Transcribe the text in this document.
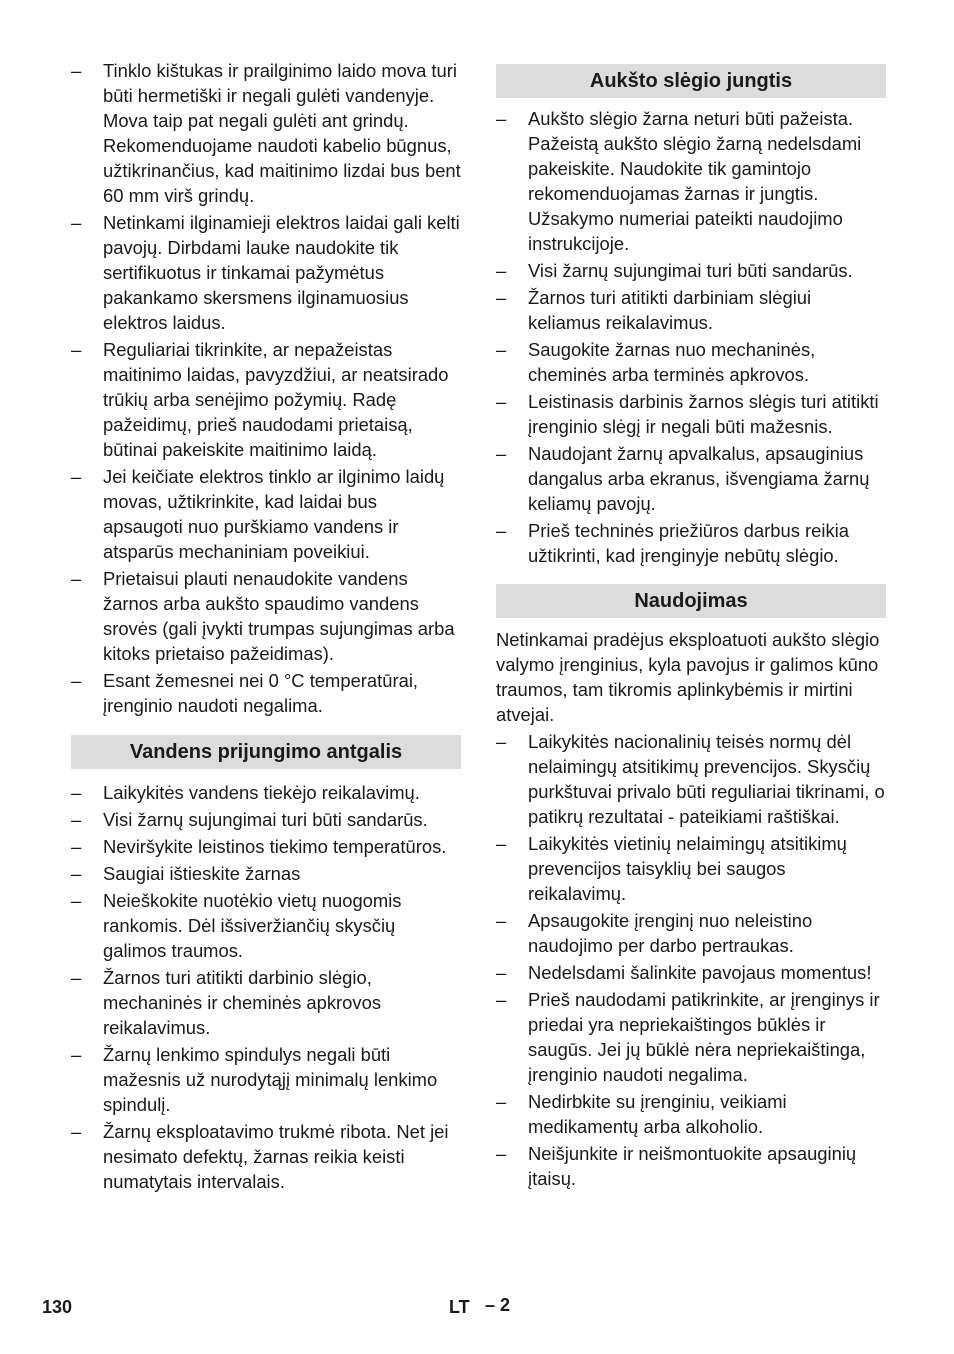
–	Tinklo kištukas ir prailginimo laido mova turi būti hermetiški ir negali gulėti vandenyje. Mova taip pat negali gulėti ant grindų. Rekomenduojame naudoti kabelio būgnus, užtikrinančius, kad maitinimo lizdai bus bent 60 mm virš grindų.
–	Netinkami ilginamieji elektros laidai gali kelti pavojų. Dirbdami lauke naudokite tik sertifikuotus ir tinkamai pažymėtus pakankamo skersmens ilginamuosius elektros laidus.
–	Reguliariai tikrinkite, ar nepažeistas maitinimo laidas, pavyzdžiui, ar neatsirado trūkių arba senėjimo požymių. Radę pažeidimų, prieš naudodami prietaisą, būtinai pakeiskite maitinimo laidą.
–	Jei keičiate elektros tinklo ar ilginimo laidų movas, užtikrinkite, kad laidai bus apsaugoti nuo purškiamo vandens ir atsparūs mechaniniam poveikiui.
–	Prietaisui plauti nenaudokite vandens žarnos arba aukšto spaudimo vandens srovės (gali įvykti trumpas sujungimas arba kitoks prietaiso pažeidimas).
–	Esant žemesnei nei 0 °C temperatūrai, įrenginio naudoti negalima.
Vandens prijungimo antgalis
–	Laikykitės vandens tiekėjo reikalavimų.
–	Visi žarnų sujungimai turi būti sandarūs.
–	Neviršykite leistinos tiekimo temperatūros.
–	Saugiai ištieskite žarnas
–	Neieškokite nuotėkio vietų nuogomis rankomis. Dėl išsiveržiančių skysčių galimos traumos.
–	Žarnos turi atitikti darbinio slėgio, mechaninės ir cheminės apkrovos reikalavimus.
–	Žarnų lenkimo spindulys negali būti mažesnis už nurodytąjį minimalų lenkimo spindulį.
–	Žarnų eksploatavimo trukmė ribota. Net jei nesimato defektų, žarnas reikia keisti numatytais intervalais.
Aukšto slėgio jungtis
–	Aukšto slėgio žarna neturi būti pažeista. Pažeistą aukšto slėgio žarną nedelsdami pakeiskite. Naudokite tik gamintojo rekomenduojamas žarnas ir jungtis. Užsakymo numeriai pateikti naudojimo instrukcijoje.
–	Visi žarnų sujungimai turi būti sandarūs.
–	Žarnos turi atitikti darbiniam slėgiui keliamus reikalavimus.
–	Saugokite žarnas nuo mechaninės, cheminės arba terminės apkrovos.
–	Leistinasis darbinis žarnos slėgis turi atitikti įrenginio slėgį ir negali būti mažesnis.
–	Naudojant žarnų apvalkalus, apsauginius dangalus arba ekranus, išvengiama žarnų keliamų pavojų.
–	Prieš techninės priežiūros darbus reikia užtikrinti, kad įrenginyje nebūtų slėgio.
Naudojimas

Netinkamai pradėjus eksploatuoti aukšto slėgio valymo įrenginius, kyla pavojus ir galimos kūno traumos, tam tikromis aplinkybėmis ir mirtini atvejai.

–	Laikykitės nacionalinių teisės normų dėl nelaimingų atsitikimų prevencijos. Skysčių purkštuvai privalo būti reguliariai tikrinami, o patikrų rezultatai - pateikiami raštiškai.
–	Laikykitės vietinių nelaimingų atsitikimų prevencijos taisyklių bei saugos reikalavimų.
–	Apsaugokite įrenginį nuo neleistino naudojimo per darbo pertraukas.
–	Nedelsdami šalinkite pavojaus momentus!
–	Prieš naudodami patikrinkite, ar įrenginys ir priedai yra nepriekaištingos būklės ir saugūs. Jei jų būklė nėra nepriekaištinga, įrenginio naudoti negalima.
–	Nedirbkite su įrenginiu, veikiami medikamentų arba alkoholio.
–	Neišjunkite ir neišmontuokite apsauginių įtaisų.
130	LT – 2
